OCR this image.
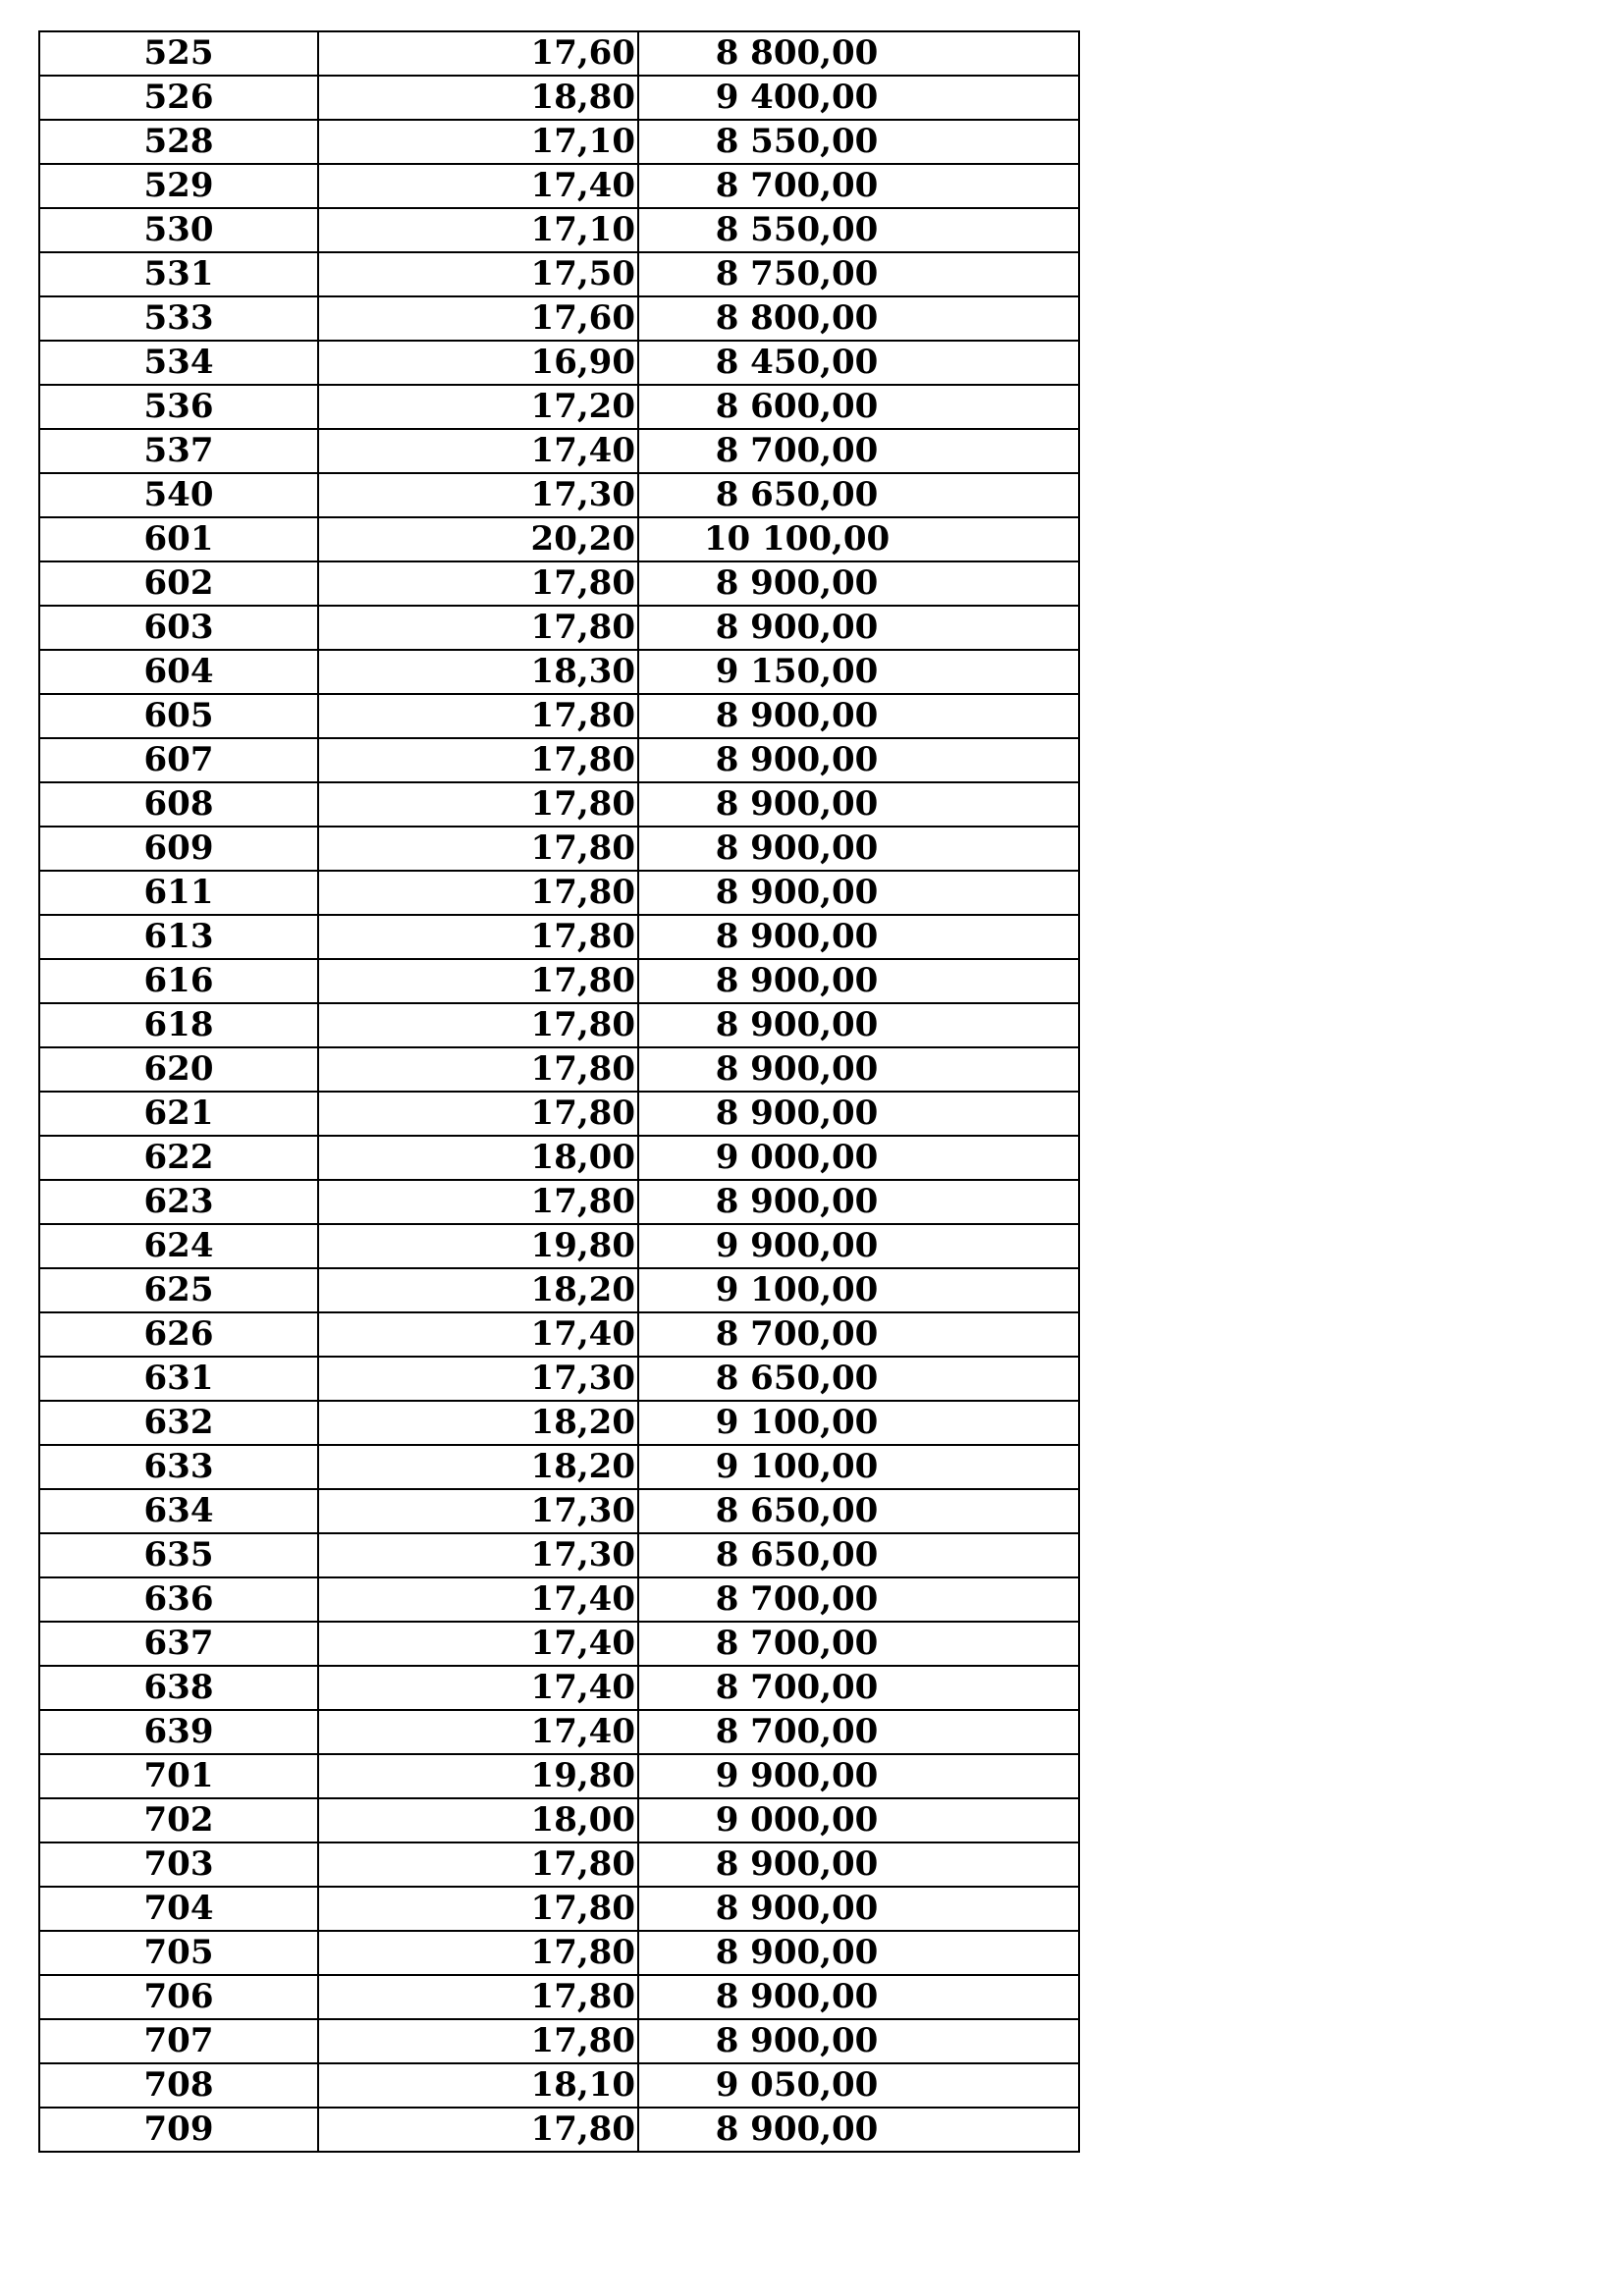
525	17,60	8 800,00
526	18,80	9 400,00
528	17,10	8 550,00
529	17,40	8 700,00
530	17,10	8 550,00
531	17,50	8 750,00
533	17,60	8 800,00
534	16,90	8 450,00
536	17,20	8 600,00
537	17,40	8 700,00
540	17,30	8 650,00
601	20,20	10 100,00
602	17,80	8 900,00
603	17,80	8 900,00
604	18,30	9 150,00
605	17,80	8 900,00
607	17,80	8 900,00
608	17,80	8 900,00
609	17,80	8 900,00
611	17,80	8 900,00
613	17,80	8 900,00
616	17,80	8 900,00
618	17,80	8 900,00
620	17,80	8 900,00
621	17,80	8 900,00
622	18,00	9 000,00
623	17,80	8 900,00
624	19,80	9 900,00
625	18,20	9 100,00
626	17,40	8 700,00
631	17,30	8 650,00
632	18,20	9 100,00
633	18,20	9 100,00
634	17,30	8 650,00
635	17,30	8 650,00
636	17,40	8 700,00
637	17,40	8 700,00
638	17,40	8 700,00
639	17,40	8 700,00
701	19,80	9 900,00
702	18,00	9 000,00
703	17,80	8 900,00
704	17,80	8 900,00
705	17,80	8 900,00
706	17,80	8 900,00
707	17,80	8 900,00
708	18,10	9 050,00
709	17,80	8 900,00
